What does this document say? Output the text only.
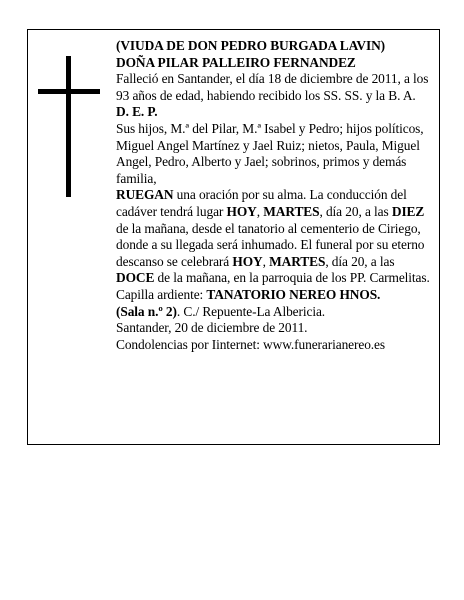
(VIUDA DE DON PEDRO BURGADA LAVIN)

DOÑA PILAR PALLEIRO FERNANDEZ

Falleció en Santander, el día 18 de diciembre de 2011, a los 93 años de edad, habiendo recibido los SS. SS. y la B. A.

D. E. P.

Sus hijos, M.ª del Pilar, M.ª Isabel y Pedro; hijos políticos, Miguel Angel Martínez y Jael Ruiz; nietos, Paula, Miguel Angel, Pedro, Alberto y Jael; sobrinos, primos y demás familia,

RUEGAN una oración por su alma. La conducción del cadáver tendrá lugar HOY, MARTES, día 20, a las DIEZ de la mañana, desde el tanatorio al cementerio de Ciriego, donde a su llegada será inhumado. El funeral por su eterno descanso se celebrará HOY, MARTES, día 20, a las DOCE de la mañana, en la parroquia de los PP. Carmelitas.

Capilla ardiente: TANATORIO NEREO HNOS.
(Sala n.º 2). C./ Repuente-La Albericia.

Santander, 20 de diciembre de 2011.

Condolencias por Iinternet: www.funerarianereo.es
